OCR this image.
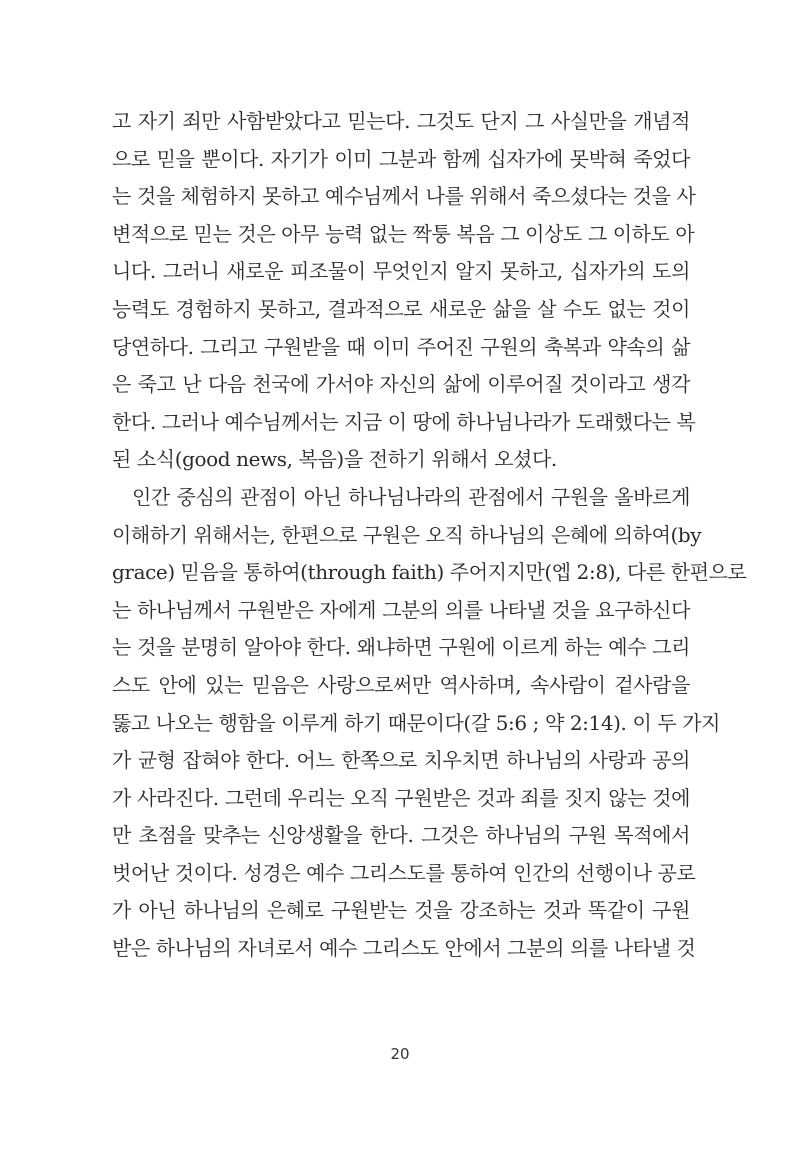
고 자기 죄만 사함받았다고 믿는다. 그것도 단지 그 사실만을 개념적
으로 믿을 뿐이다. 자기가 이미 그분과 함께 십자가에 못박혀 죽었다
는 것을 체험하지 못하고 예수님께서 나를 위해서 죽으셨다는 것을 사
변적으로 믿는 것은 아무 능력 없는 짝퉁 복음 그 이상도 그 이하도 아
니다. 그러니 새로운 피조물이 무엇인지 알지 못하고, 십자가의 도의
능력도 경험하지 못하고, 결과적으로 새로운 삶을 살 수도 없는 것이
당연하다. 그리고 구원받을 때 이미 주어진 구원의 축복과 약속의 삶
은 죽고 난 다음 천국에 가서야 자신의 삶에 이루어질 것이라고 생각
한다. 그러나 예수님께서는 지금 이 땅에 하나님나라가 도래했다는 복
된 소식(good news, 복음)을 전하기 위해서 오셨다.
인간 중심의 관점이 아닌 하나님나라의 관점에서 구원을 올바르게
이해하기 위해서는, 한편으로 구원은 오직 하나님의 은혜에 의하여(by
grace) 믿음을 통하여(through faith) 주어지지만(엡 2:8), 다른 한편으로
는 하나님께서 구원받은 자에게 그분의 의를 나타낼 것을 요구하신다
는 것을 분명히 알아야 한다. 왜냐하면 구원에 이르게 하는 예수 그리
스도 안에 있는 믿음은 사랑으로써만 역사하며, 속사람이 겉사람을
뚫고 나오는 행함을 이루게 하기 때문이다(갈 5:6 ; 약 2:14). 이 두 가지
가 균형 잡혀야 한다. 어느 한쪽으로 치우치면 하나님의 사랑과 공의
가 사라진다. 그런데 우리는 오직 구원받은 것과 죄를 짓지 않는 것에
만 초점을 맞추는 신앙생활을 한다. 그것은 하나님의 구원 목적에서
벗어난 것이다. 성경은 예수 그리스도를 통하여 인간의 선행이나 공로
가 아닌 하나님의 은혜로 구원받는 것을 강조하는 것과 똑같이 구원
받은 하나님의 자녀로서 예수 그리스도 안에서 그분의 의를 나타낼 것
20
